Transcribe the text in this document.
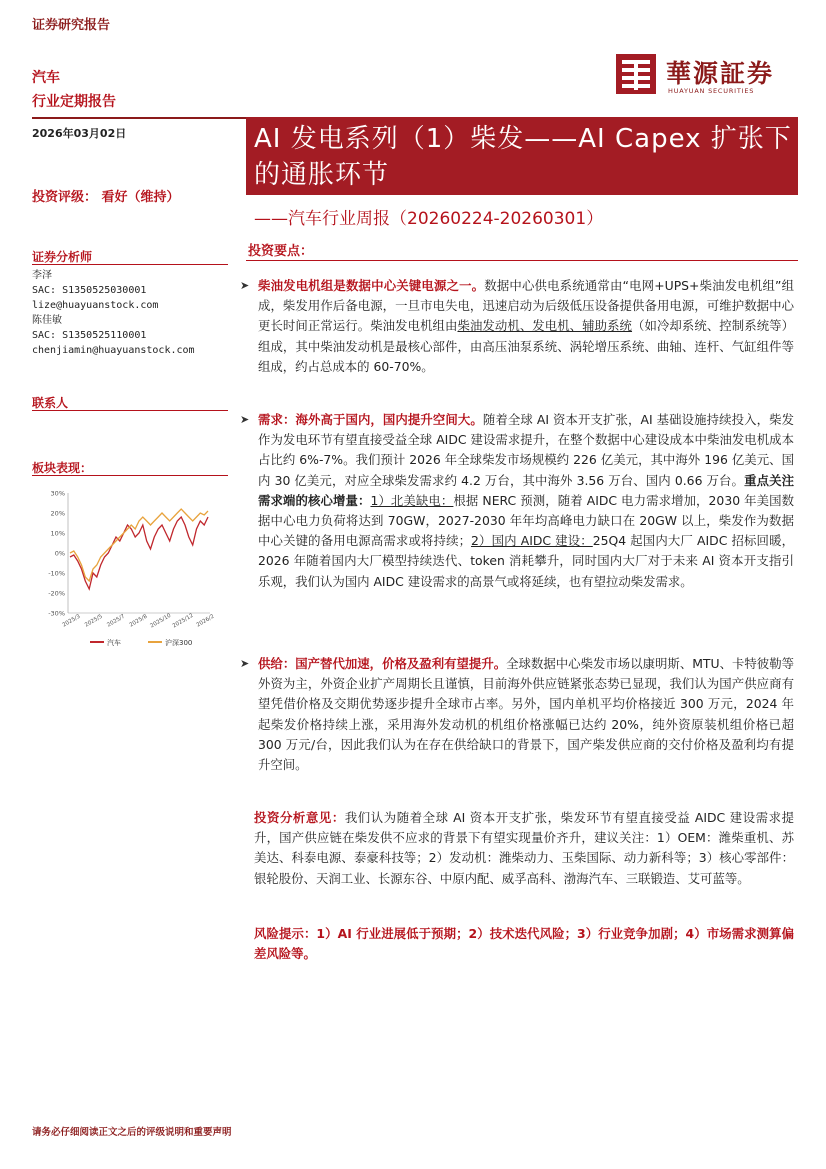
证券研究报告
汽车
行业定期报告
華源証券
HUAYUAN SECURITIES
2026年03月02日	AI 发电系列（1）柴发——AI Capex 扩张下的通胀环节
——汽车行业周报（20260224-20260301）
投资评级： 看好（维持）
证券分析师
李泽
SAC: S1350525030001
lize@huayuanstock.com
陈佳敏
SAC: S1350525110001
chenjiamin@huayuanstock.com
联系人
板块表现：
30%
20%
10%
0%
-10%
-20%
-30%
2025/3 2025/5 2025/7 2025/8 2025/10 2025/12 2026/2
汽车	沪深300
投资要点：
➤ 柴油发电机组是数据中心关键电源之一。数据中心供电系统通常由“电网+UPS+柴油发电机组”组成，柴发用作后备电源，一旦市电失电，迅速启动为后级低压设备提供备用电源，可维护数据中心更长时间正常运行。柴油发电机组由柴油发动机、发电机、辅助系统（如冷却系统、控制系统等）组成，其中柴油发动机是最核心部件，由高压油泵系统、涡轮增压系统、曲轴、连杆、气缸组件等组成，约占总成本的 60-70%。
➤ 需求：海外高于国内，国内提升空间大。随着全球 AI 资本开支扩张，AI 基础设施持续投入，柴发作为发电环节有望直接受益全球 AIDC 建设需求提升，在整个数据中心建设成本中柴油发电机成本占比约 6%-7%。我们预计 2026 年全球柴发市场规模约 226 亿美元，其中海外 196 亿美元、国内 30 亿美元，对应全球柴发需求约 4.2 万台，其中海外 3.56 万台、国内 0.66 万台。重点关注需求端的核心增量：1）北美缺电：根据 NERC 预测，随着 AIDC 电力需求增加，2030 年美国数据中心电力负荷将达到 70GW，2027-2030 年年均高峰电力缺口在 20GW 以上，柴发作为数据中心关键的备用电源高需求或将持续；2）国内 AIDC 建设：25Q4 起国内大厂 AIDC 招标回暖，2026 年随着国内大厂模型持续迭代、token 消耗攀升，同时国内大厂对于未来 AI 资本开支指引乐观，我们认为国内 AIDC 建设需求的高景气或将延续，也有望拉动柴发需求。
➤ 供给：国产替代加速，价格及盈利有望提升。全球数据中心柴发市场以康明斯、MTU、卡特彼勒等外资为主，外资企业扩产周期长且谨慎，目前海外供应链紧张态势已显现，我们认为国产供应商有望凭借价格及交期优势逐步提升全球市占率。另外，国内单机平均价格接近 300 万元，2024 年起柴发价格持续上涨，采用海外发动机的机组价格涨幅已达约 20%，纯外资原装机组价格已超 300 万元/台，因此我们认为在存在供给缺口的背景下，国产柴发供应商的交付价格及盈利均有提升空间。
投资分析意见：我们认为随着全球 AI 资本开支扩张，柴发环节有望直接受益 AIDC 建设需求提升，国产供应链在柴发供不应求的背景下有望实现量价齐升，建议关注：1）OEM：潍柴重机、苏美达、科泰电源、泰豪科技等；2）发动机：潍柴动力、玉柴国际、动力新科等；3）核心零部件：银轮股份、天润工业、长源东谷、中原内配、威孚高科、渤海汽车、三联锻造、艾可蓝等。
风险提示：1）AI 行业进展低于预期；2）技术迭代风险；3）行业竞争加剧；4）市场需求测算偏差风险等。
请务必仔细阅读正文之后的评级说明和重要声明
